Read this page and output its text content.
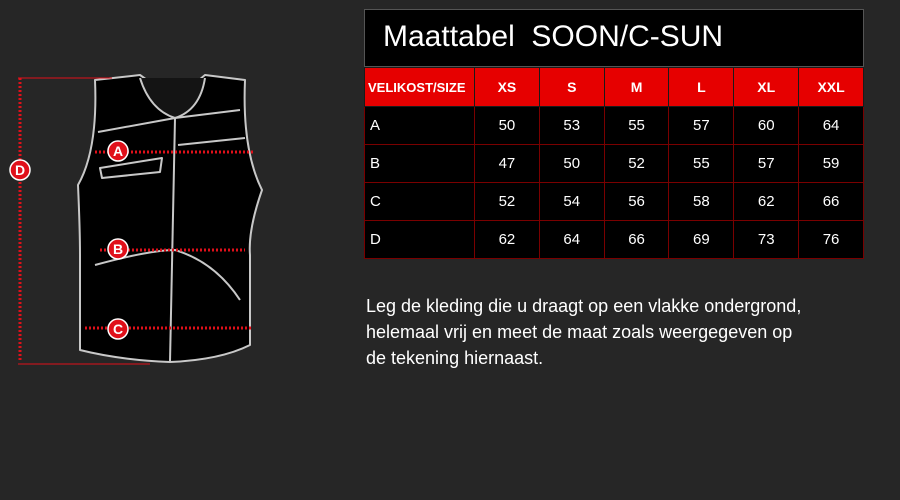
A
B
C
D
Maattabel  SOON/C-SUN
VELIKOST/SIZE	XS	S	M	L	XL	XXL
A	50	53	55	57	60	64
B	47	50	52	55	57	59
C	52	54	56	58	62	66
D	62	64	66	69	73	76
Leg de kleding die u draagt op een vlakke ondergrond,
helemaal vrij en meet de maat zoals weergegeven op
de tekening hiernaast.
